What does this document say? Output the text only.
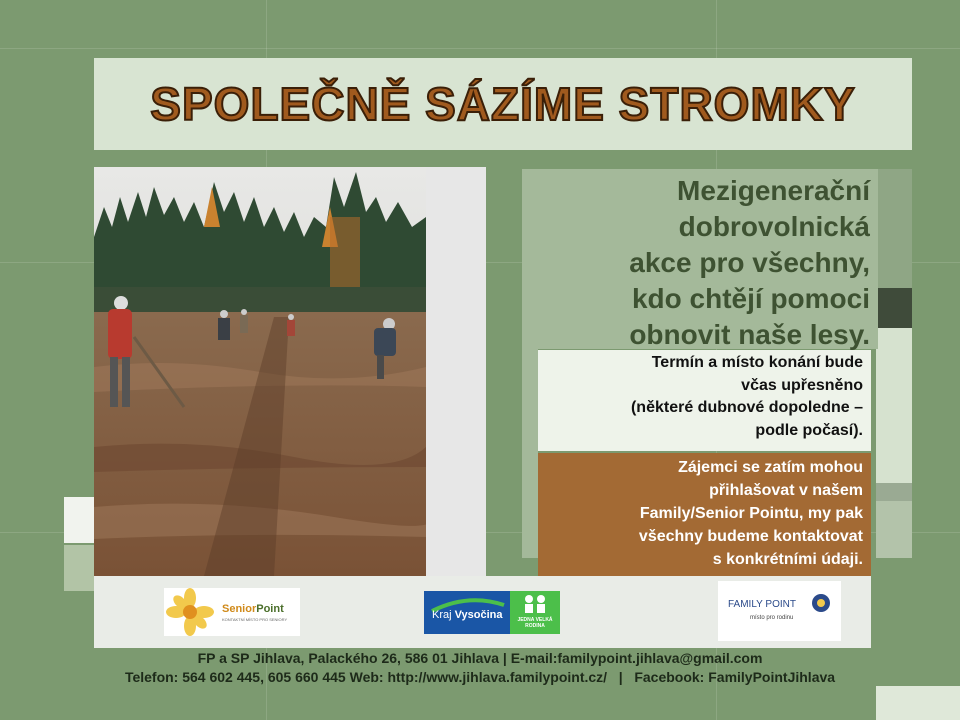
SPOLEČNĚ SÁZÍME STROMKY
Mezigenerační
dobrovolnická
akce pro všechny,
kdo chtějí pomoci
obnovit naše lesy.
Termín a místo konání bude
včas upřesněno
(některé dubnové dopoledne –
podle počasí).
Zájemci se zatím mohou
přihlašovat v našem
Family/Senior Pointu, my pak
všechny budeme kontaktovat
s konkrétními údaji.
SeniorPoint
KONTAKTNÍ MÍSTO PRO SENIORY	Kraj Vysočina	JEDNA VELKÁ
RODINA
FAMILY POINT
místo pro rodinu
FP a SP Jihlava, Palackého 26, 586 01 Jihlava | E-mail:familypoint.jihlava@gmail.com
Telefon: 564 602 445, 605 660 445 Web: http://www.jihlava.familypoint.cz/   |   Facebook: FamilyPointJihlava
